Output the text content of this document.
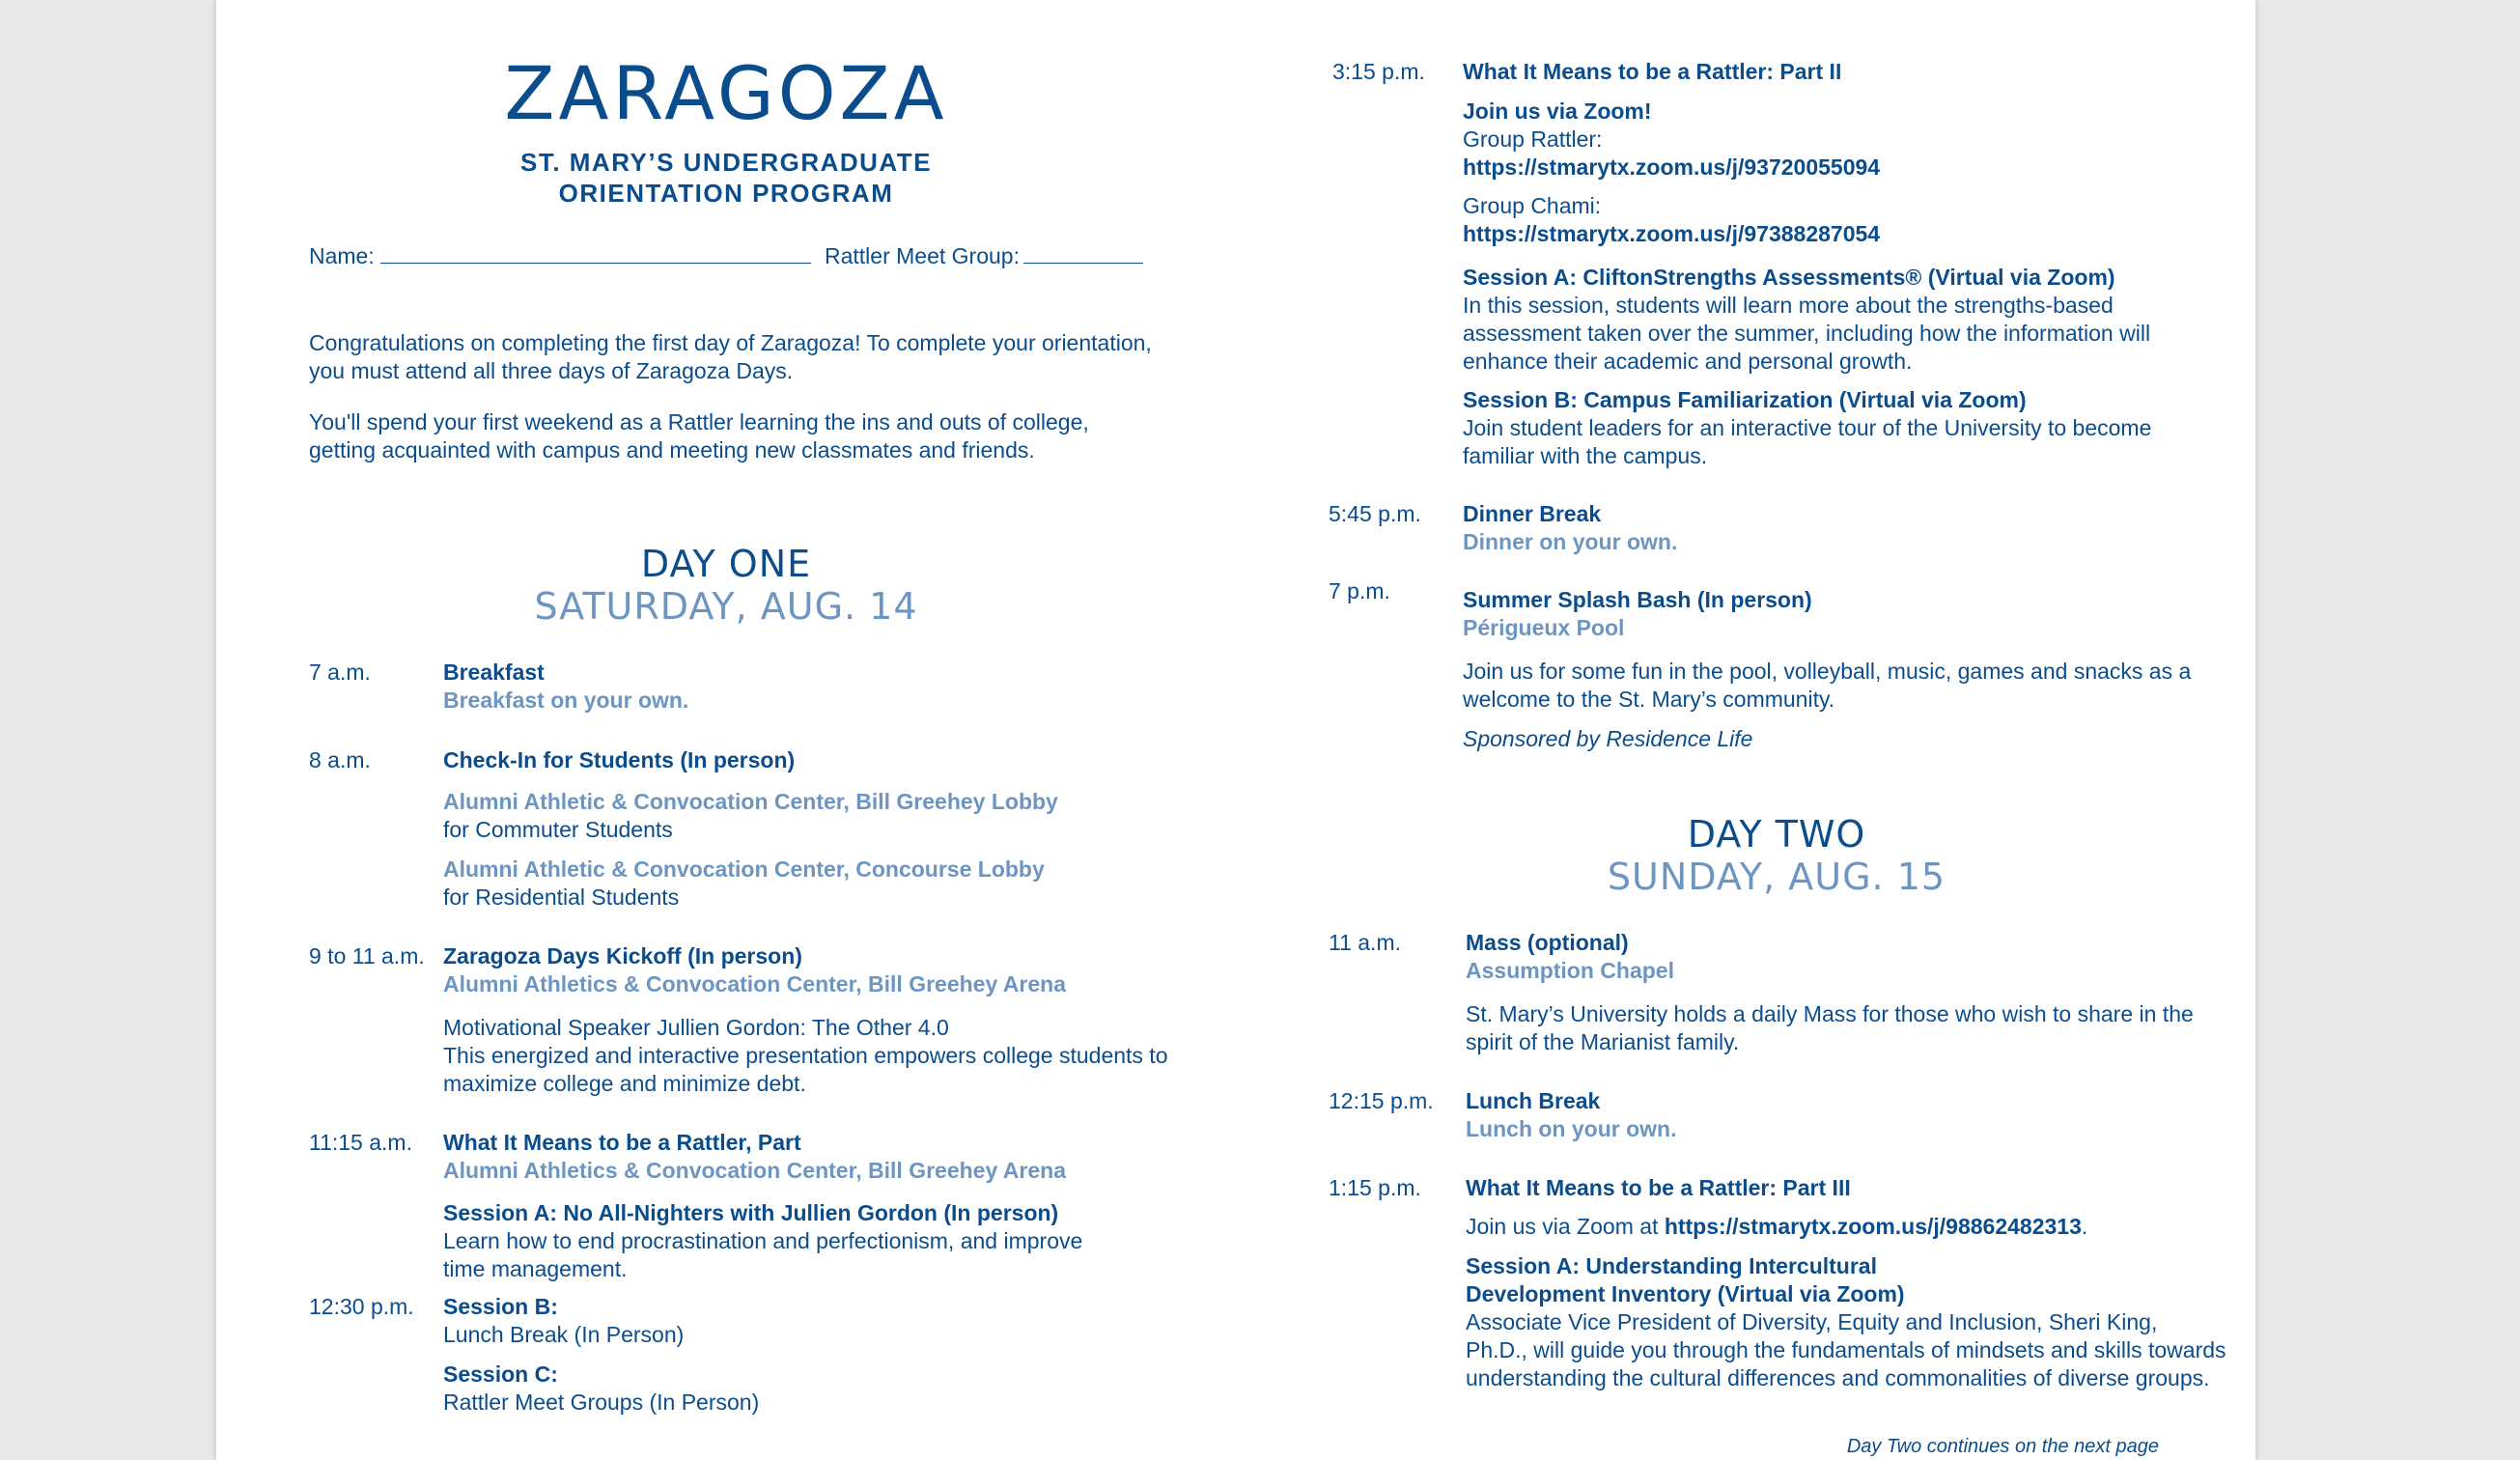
ZARAGOZA
ST. MARY’S UNDERGRADUATE
ORIENTATION PROGRAM
Name:	Rattler Meet Group:
Congratulations on completing the first day of Zaragoza! To complete your orientation, you must attend all three days of Zaragoza Days.
You'll spend your first weekend as a Rattler learning the ins and outs of college, getting acquainted with campus and meeting new classmates and friends.
DAY ONE
SATURDAY, AUG. 14
7 a.m.	Breakfast
Breakfast on your own.
8 a.m.	Check-In for Students (In person)
Alumni Athletic & Convocation Center, Bill Greehey Lobby
for Commuter Students
Alumni Athletic & Convocation Center, Concourse Lobby
for Residential Students
9 to 11 a.m. Zaragoza Days Kickoff (In person)
Alumni Athletics & Convocation Center, Bill Greehey Arena
Motivational Speaker Jullien Gordon: The Other 4.0
This energized and interactive presentation empowers college students to
maximize college and minimize debt.
11:15 a.m. What It Means to be a Rattler, Part
Alumni Athletics & Convocation Center, Bill Greehey Arena
Session A: No All-Nighters with Jullien Gordon (In person)
Learn how to end procrastination and perfectionism, and improve
time management.
12:30 p.m. Session B:
Lunch Break (In Person)
Session C:
Rattler Meet Groups (In Person)
3:15 p.m. What It Means to be a Rattler: Part II
Join us via Zoom!
Group Rattler:
https://stmarytx.zoom.us/j/93720055094
Group Chami:
https://stmarytx.zoom.us/j/97388287054
Session A: CliftonStrengths Assessments® (Virtual via Zoom)
In this session, students will learn more about the strengths-based
assessment taken over the summer, including how the information will
enhance their academic and personal growth.
Session B: Campus Familiarization (Virtual via Zoom)
Join student leaders for an interactive tour of the University to become
familiar with the campus.
5:45 p.m. Dinner Break
Dinner on your own.
7 p.m.	Summer Splash Bash (In person)
Périgueux Pool
Join us for some fun in the pool, volleyball, music, games and snacks as a
welcome to the St. Mary’s community.
Sponsored by Residence Life
DAY TWO
SUNDAY, AUG. 15
11 a.m.	Mass (optional)
Assumption Chapel
St. Mary’s University holds a daily Mass for those who wish to share in the
spirit of the Marianist family.
12:15 p.m. Lunch Break
Lunch on your own.
1:15 p.m. What It Means to be a Rattler: Part III
Join us via Zoom at https://stmarytx.zoom.us/j/98862482313.
Session A: Understanding Intercultural
Development Inventory (Virtual via Zoom)
Associate Vice President of Diversity, Equity and Inclusion, Sheri King,
Ph.D., will guide you through the fundamentals of mindsets and skills towards
understanding the cultural differences and commonalities of diverse groups.
Day Two continues on the next page
